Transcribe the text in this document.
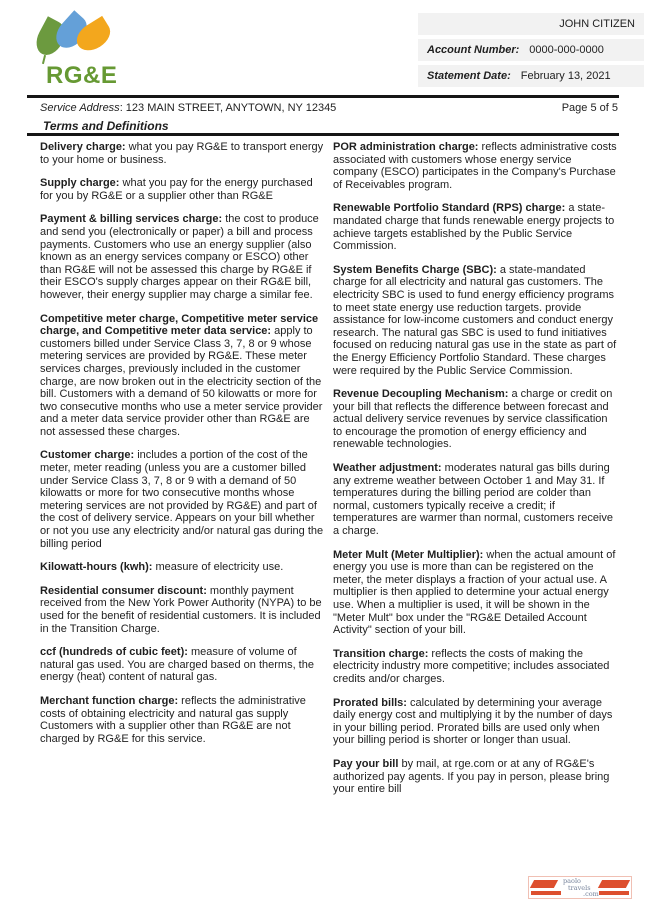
RG&E
JOHN CITIZEN
Account Number: 0000-000-0000
Statement Date: February 13, 2021
Service Address: 123 MAIN STREET, ANYTOWN, NY 12345	Page 5 of 5
Terms and Definitions

Delivery charge: what you pay RG&E to transport energy to your home or business.

Supply charge: what you pay for the energy purchased for you by RG&E or a supplier other than RG&E

Payment & billing services charge: the cost to produce and send you (electronically or paper) a bill and process payments. Customers who use an energy supplier (also known as an energy services company or ESCO) other than RG&E will not be assessed this charge by RG&E if their ESCO's supply charges appear on their RG&E bill, however, their energy supplier may charge a similar fee.

Competitive meter charge, Competitive meter service charge, and Competitive meter data service: apply to customers billed under Service Class 3, 7, 8 or 9 whose metering services are provided by RG&E. These meter services charges, previously included in the customer charge, are now broken out in the electricity section of the bill. Customers with a demand of 50 kilowatts or more for two consecutive months who use a meter service provider and a meter data service provider other than RG&E are not assessed these charges.

Customer charge: includes a portion of the cost of the meter, meter reading (unless you are a customer billed under Service Class 3, 7, 8 or 9 with a demand of 50 kilowatts or more for two consecutive months whose metering services are not provided by RG&E) and part of the cost of delivery service. Appears on your bill whether or not you use any electricity and/or natural gas during the billing period

Kilowatt-hours (kwh): measure of electricity use.

Residential consumer discount: monthly payment received from the New York Power Authority (NYPA) to be used for the benefit of residential customers. It is included in the Transition Charge.

ccf (hundreds of cubic feet): measure of volume of natural gas used. You are charged based on therms, the energy (heat) content of natural gas.

Merchant function charge: reflects the administrative costs of obtaining electricity and natural gas supply Customers with a supplier other than RG&E are not charged by RG&E for this service.

POR administration charge: reflects administrative costs associated with customers whose energy service company (ESCO) participates in the Company's Purchase of Receivables program.

Renewable Portfolio Standard (RPS) charge: a state-mandated charge that funds renewable energy projects to achieve targets established by the Public Service Commission.

System Benefits Charge (SBC): a state-mandated charge for all electricity and natural gas customers. The electricity SBC is used to fund energy efficiency programs to meet state energy use reduction targets. provide assistance for low-income customers and conduct energy research. The natural gas SBC is used to fund initiatives focused on reducing natural gas use in the state as part of the Energy Efficiency Portfolio Standard. These charges were required by the Public Service Commission.

Revenue Decoupling Mechanism: a charge or credit on your bill that reflects the difference between forecast and actual delivery service revenues by service classification to encourage the promotion of energy efficiency and renewable technologies.

Weather adjustment: moderates natural gas bills during any extreme weather between October 1 and May 31. If temperatures during the billing period are colder than normal, customers typically receive a credit; if temperatures are warmer than normal, customers receive a charge.

Meter Mult (Meter Multiplier): when the actual amount of energy you use is more than can be registered on the meter, the meter displays a fraction of your actual use. A multiplier is then applied to determine your actual energy use. When a multiplier is used, it will be shown in the "Meter Mult" box under the "RG&E Detailed Account Activity" section of your bill.

Transition charge: reflects the costs of making the electricity industry more competitive; includes associated credits and/or charges.

Prorated bills: calculated by determining your average daily energy cost and multiplying it by the number of days in your billing period. Prorated bills are used only when your billing period is shorter or longer than usual.

Pay your bill by mail, at rge.com or at any of RG&E's authorized pay agents. If you pay in person, please bring your entire bill

paolo
travels
.com
